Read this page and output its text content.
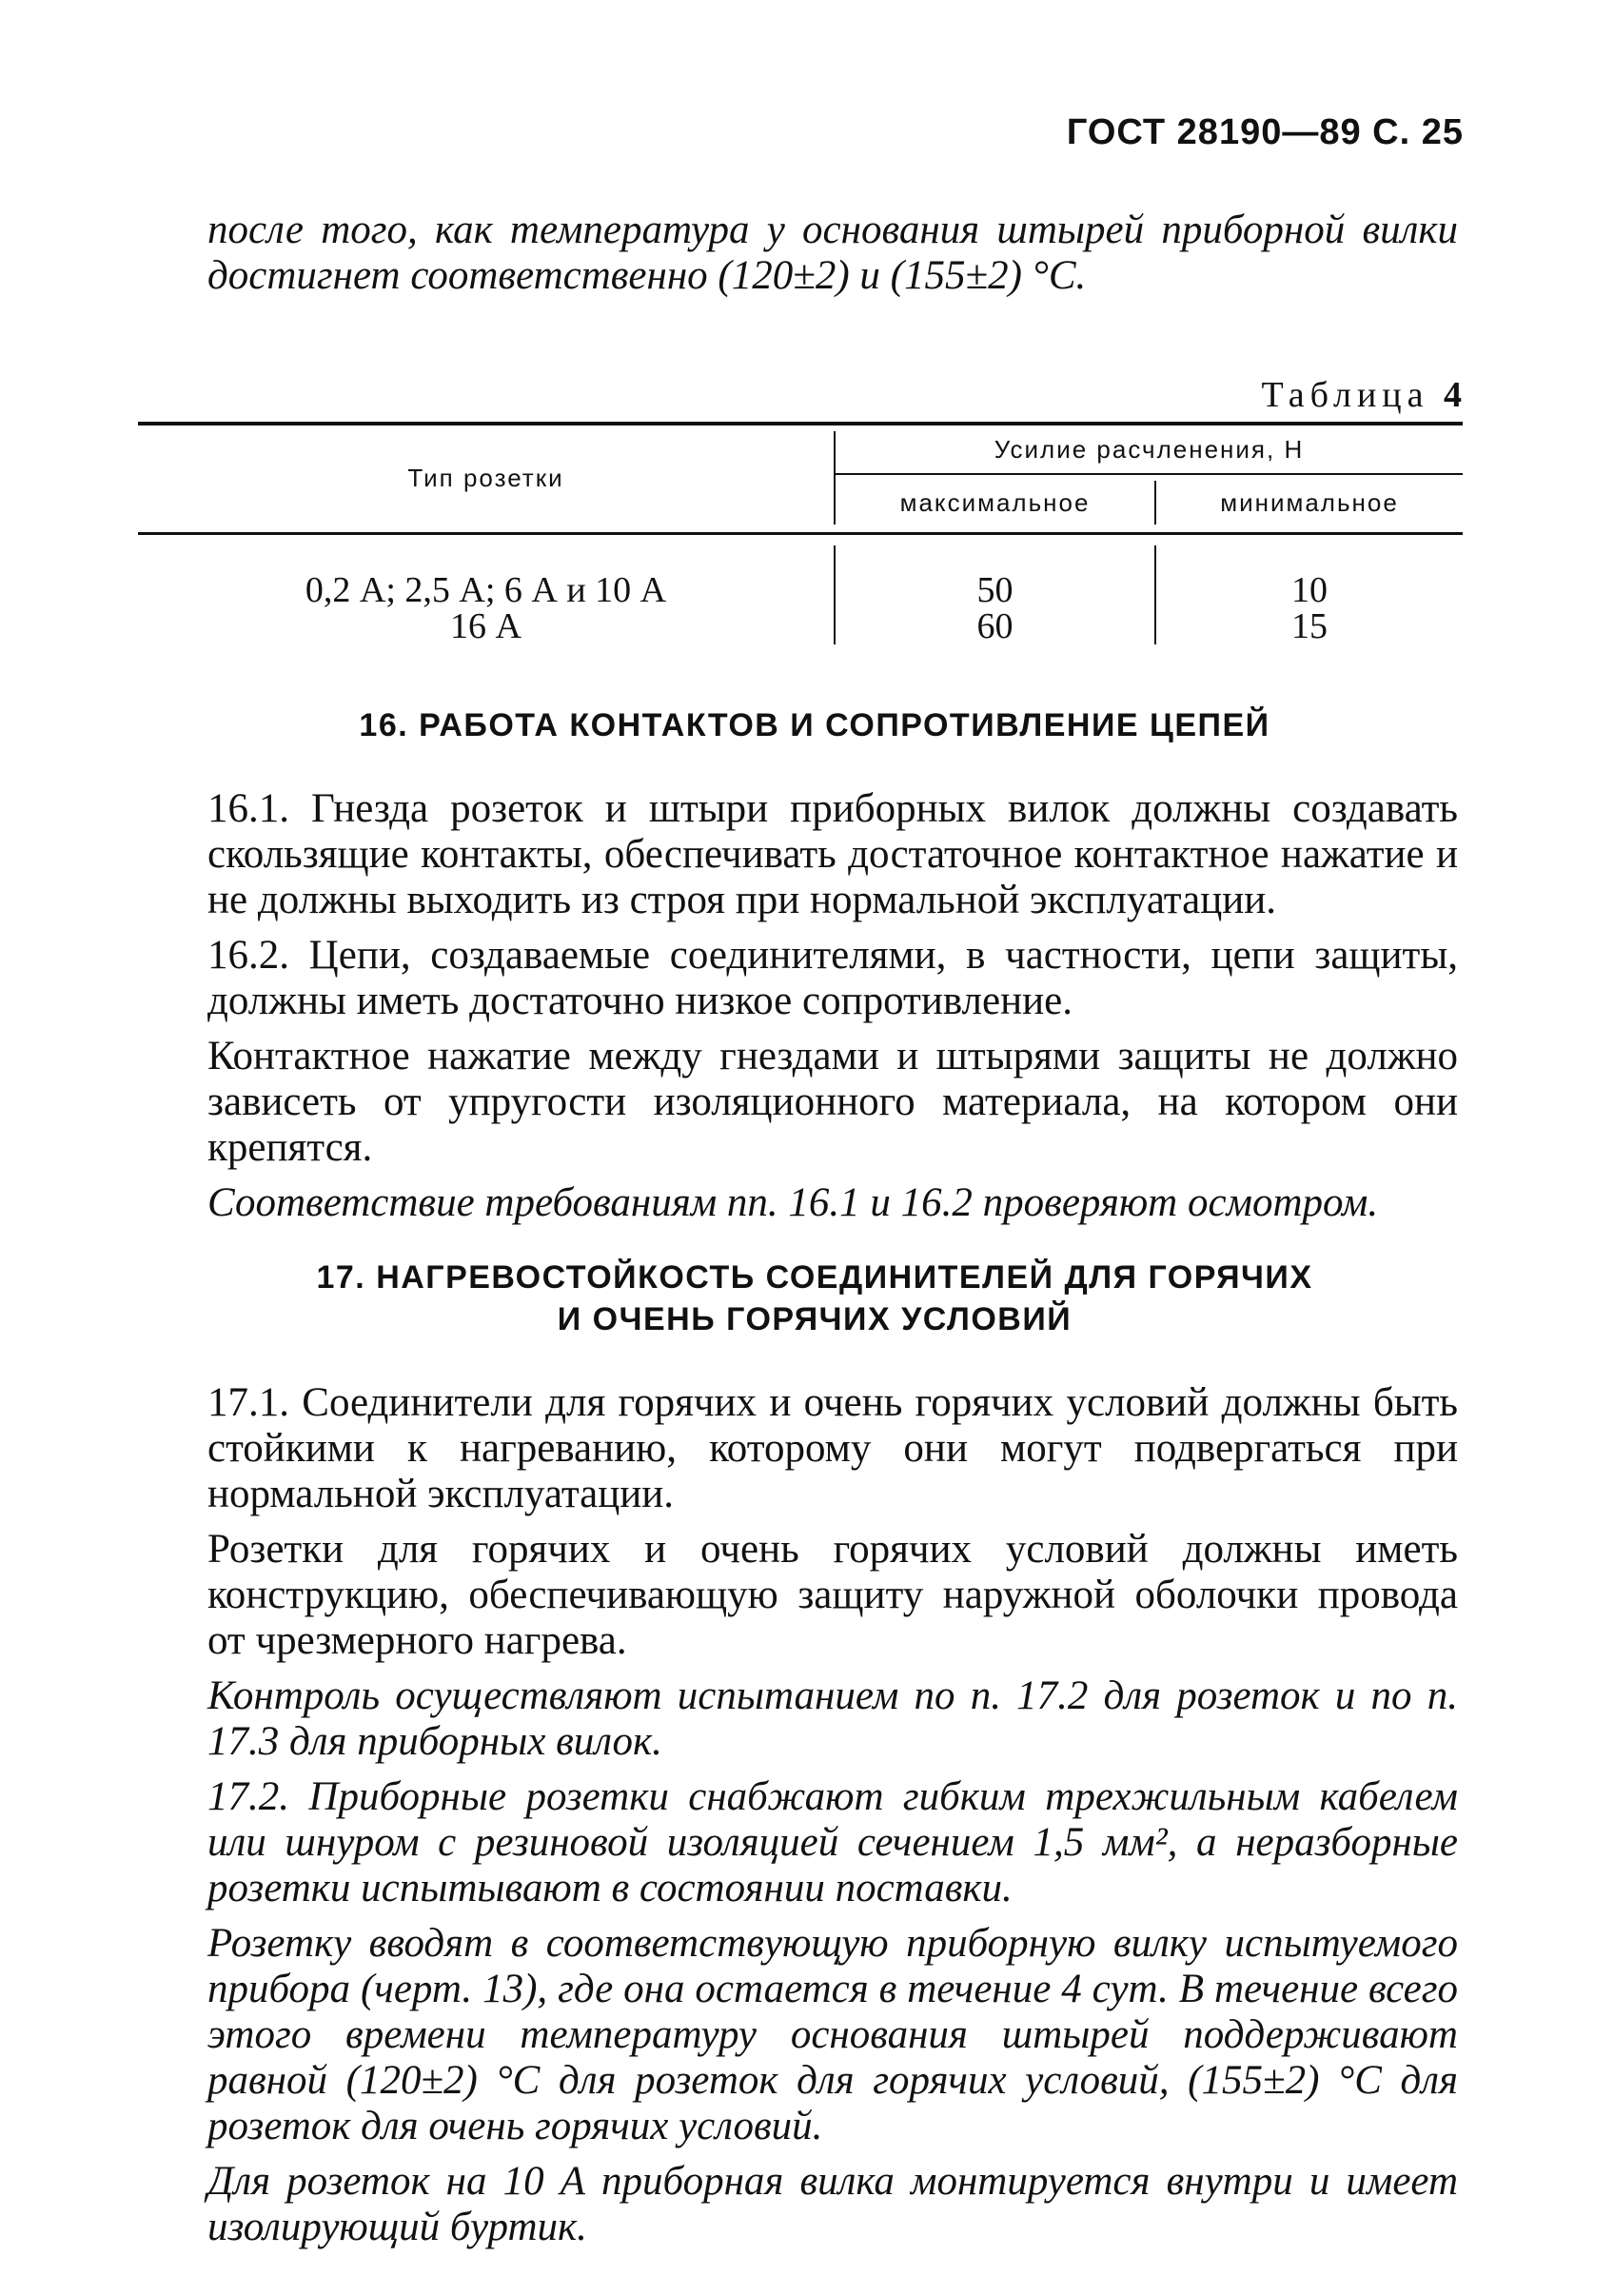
ГОСТ 28190—89 С. 25
после того, как температура у основания штырей приборной вилки достигнет соответственно (120±2) и (155±2) °С.
Таблица 4
Тип розетки
Усилие расчленения, Н
максимальное	минимальное
0,2 А; 2,5 А; 6 А и 10 А	50	10
16 А	60	15
16. РАБОТА КОНТАКТОВ И СОПРОТИВЛЕНИЕ ЦЕПЕЙ

16.1. Гнезда розеток и штыри приборных вилок должны создавать скользящие контакты, обеспечивать достаточное контактное нажатие и не должны выходить из строя при нормальной эксплуатации.

16.2. Цепи, создаваемые соединителями, в частности, цепи защиты, должны иметь достаточно низкое сопротивление.

Контактное нажатие между гнездами и штырями защиты не должно зависеть от упругости изоляционного материала, на котором они крепятся.

Соответствие требованиям пп. 16.1 и 16.2 проверяют осмотром.

17. НАГРЕВОСТОЙКОСТЬ СОЕДИНИТЕЛЕЙ ДЛЯ ГОРЯЧИХ
И ОЧЕНЬ ГОРЯЧИХ УСЛОВИЙ

17.1. Соединители для горячих и очень горячих условий должны быть стойкими к нагреванию, которому они могут подвергаться при нормальной эксплуатации.

Розетки для горячих и очень горячих условий должны иметь конструкцию, обеспечивающую защиту наружной оболочки провода от чрезмерного нагрева.

Контроль осуществляют испытанием по п. 17.2 для розеток и по п. 17.3 для приборных вилок.

17.2. Приборные розетки снабжают гибким трехжильным кабелем или шнуром с резиновой изоляцией сечением 1,5 мм², а неразборные розетки испытывают в состоянии поставки.

Розетку вводят в соответствующую приборную вилку испытуемого прибора (черт. 13), где она остается в течение 4 сут. В течение всего этого времени температуру основания штырей поддерживают равной (120±2) °С для розеток для горячих условий, (155±2) °С для розеток для очень горячих условий.

Для розеток на 10 А приборная вилка монтируется внутри и имеет изолирующий буртик.
